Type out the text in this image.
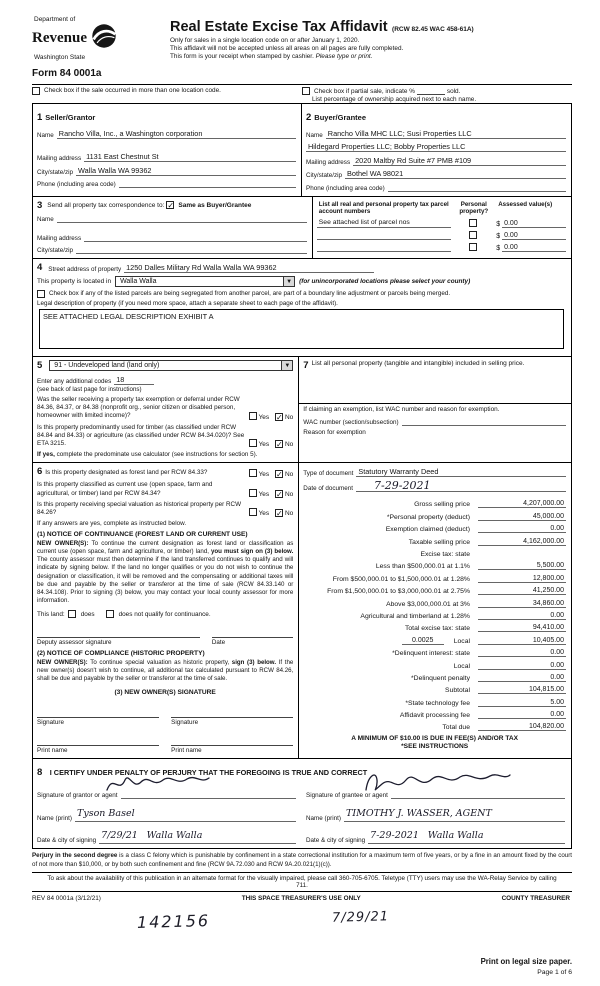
Department of
Revenue
Washington State
Form 84 0001a
Real Estate Excise Tax Affidavit (RCW 82.45 WAC 458-61A)
Only for sales in a single location code on or after January 1, 2020.
This affidavit will not be accepted unless all areas on all pages are fully completed.
This form is your receipt when stamped by cashier. Please type or print.
Check box if the sale occurred in more than one location code.	Check box if partial sale, indicate %	sold.
List percentage of ownership acquired next to each name.
1 Seller/Grantor
Name Rancho Villa, Inc., a Washington corporation
Mailing address 1131 East Chestnut St
City/state/zip Walla Walla WA 99362
Phone (including area code)
2 Buyer/Grantee
Name Rancho Villa MHC LLC; Susi Properties LLC
Hildegard Properties LLC; Bobby Properties LLC
Mailing address 2020 Maltby Rd Suite #7 PMB #109
City/state/zip Bothel WA 98021
Phone (including area code)
3 Send all property tax correspondence to: ✓ Same as Buyer/Grantee
Name
Mailing address
City/state/zip
List all real and personal property tax parcel account numbers
Personal property?
Assessed value(s)
See attached list of parcel nos	$ 0.00
$ 0.00
$ 0.00
4 Street address of property 1250 Dalles Military Rd Walla Walla WA 99362
This property is located in	Walla Walla	▼	(for unincorporated locations please select your county)
Check box if any of the listed parcels are being segregated from another parcel, are part of a boundary line adjustment or parcels being merged.
Legal description of property (if you need more space, attach a separate sheet to each page of the affidavit).
SEE ATTACHED LEGAL DESCRIPTION EXHIBIT A
5	91 - Undeveloped land (land only)	▼
Enter any additional codes 18
(see back of last page for instructions)
Was the seller receiving a property tax exemption or deferral under RCW 84.36, 84.37, or 84.38 (nonprofit org., senior citizen or disabled person, homeowner with limited income)?	Yes ✓ No
Is this property predominantly used for timber (as classified under RCW 84.84 and 84.33) or agriculture (as classified under RCW 84.34.020)? See ETA 3215.	Yes ✓ No
If yes, complete the predominate use calculator (see instructions for section 5).
7 List all personal property (tangible and intangible) included in selling price.
If claiming an exemption, list WAC number and reason for exemption.
WAC number (section/subsection)
Reason for exemption
6 Is this property designated as forest land per RCW 84.33?	Yes ✓ No
Is this property classified as current use (open space, farm and agricultural, or timber) land per RCW 84.34?	Yes ✓ No
Is this property receiving special valuation as historical property per RCW 84.26?	Yes ✓ No
If any answers are yes, complete as instructed below.
(1) NOTICE OF CONTINUANCE (FOREST LAND OR CURRENT USE)
NEW OWNER(S): To continue the current designation as forest land or classification as current use (open space, farm and agriculture, or timber) land, you must sign on (3) below. The county assessor must then determine if the land transferred continues to qualify and will indicate by signing below. If the land no longer qualifies or you do not wish to continue the designation or classification, it will be removed and the compensating or additional taxes will be due and payable by the seller or transferor at the time of sale (RCW 84.33.140 or 84.34.108). Prior to signing (3) below, you may contact your local county assessor for more information.
This land:	does	does not qualify for continuance.
Deputy assessor signature	Date
(2) NOTICE OF COMPLIANCE (HISTORIC PROPERTY)
NEW OWNER(S): To continue special valuation as historic property, sign (3) below. If the new owner(s) doesn't wish to continue, all additional tax calculated pursuant to RCW 84.26, shall be due and payable by the seller or transferor at the time of sale.
(3) NEW OWNER(S) SIGNATURE
Signature	Signature
Print name	Print name
Type of document Statutory Warranty Deed
Date of document 7-29-2021
Gross selling price	4,207,000.00
*Personal property (deduct)	45,000.00
Exemption claimed (deduct)	0.00
Taxable selling price	4,162,000.00
Excise tax: state
Less than $500,000.01 at 1.1%	5,500.00
From $500,000.01 to $1,500,000.01 at 1.28%	12,800.00
From $1,500,000.01 to $3,000,000.01 at 2.75%	41,250.00
Above $3,000,000.01 at 3%	34,860.00
Agricultural and timberland at 1.28%	0.00
Total excise tax: state	94,410.00
0.0025	Local	10,405.00
*Delinquent interest: state	0.00
Local	0.00
*Delinquent penalty	0.00
Subtotal	104,815.00
*State technology fee	5.00
Affidavit processing fee	0.00
Total due	104,820.00
A MINIMUM OF $10.00 IS DUE IN FEE(S) AND/OR TAX
*SEE INSTRUCTIONS
8 I CERTIFY UNDER PENALTY OF PERJURY THAT THE FOREGOING IS TRUE AND CORRECT
Signature of grantor or agent
Name (print) Tyson Basel
Date & city of signing 7/29/21 Walla Walla
Signature of grantee or agent
Name (print) TIMOTHY J. WASSER, AGENT
Date & city of signing 7-29-2021 Walla Walla
Perjury in the second degree is a class C felony which is punishable by confinement in a state correctional institution for a maximum term of five years, or by a fine in an amount fixed by the court of not more than $10,000, or by both such confinement and fine (RCW 9A.72.030 and RCW 9A.20.021(1)(c)).
To ask about the availability of this publication in an alternate format for the visually impaired, please call 360-705-6705. Teletype (TTY) users may use the WA-Relay Service by calling 711.
REV 84 0001a (3/12/21)	THIS SPACE TREASURER'S USE ONLY	COUNTY TREASURER
142156	7/29/21
Print on legal size paper.
Page 1 of 6
